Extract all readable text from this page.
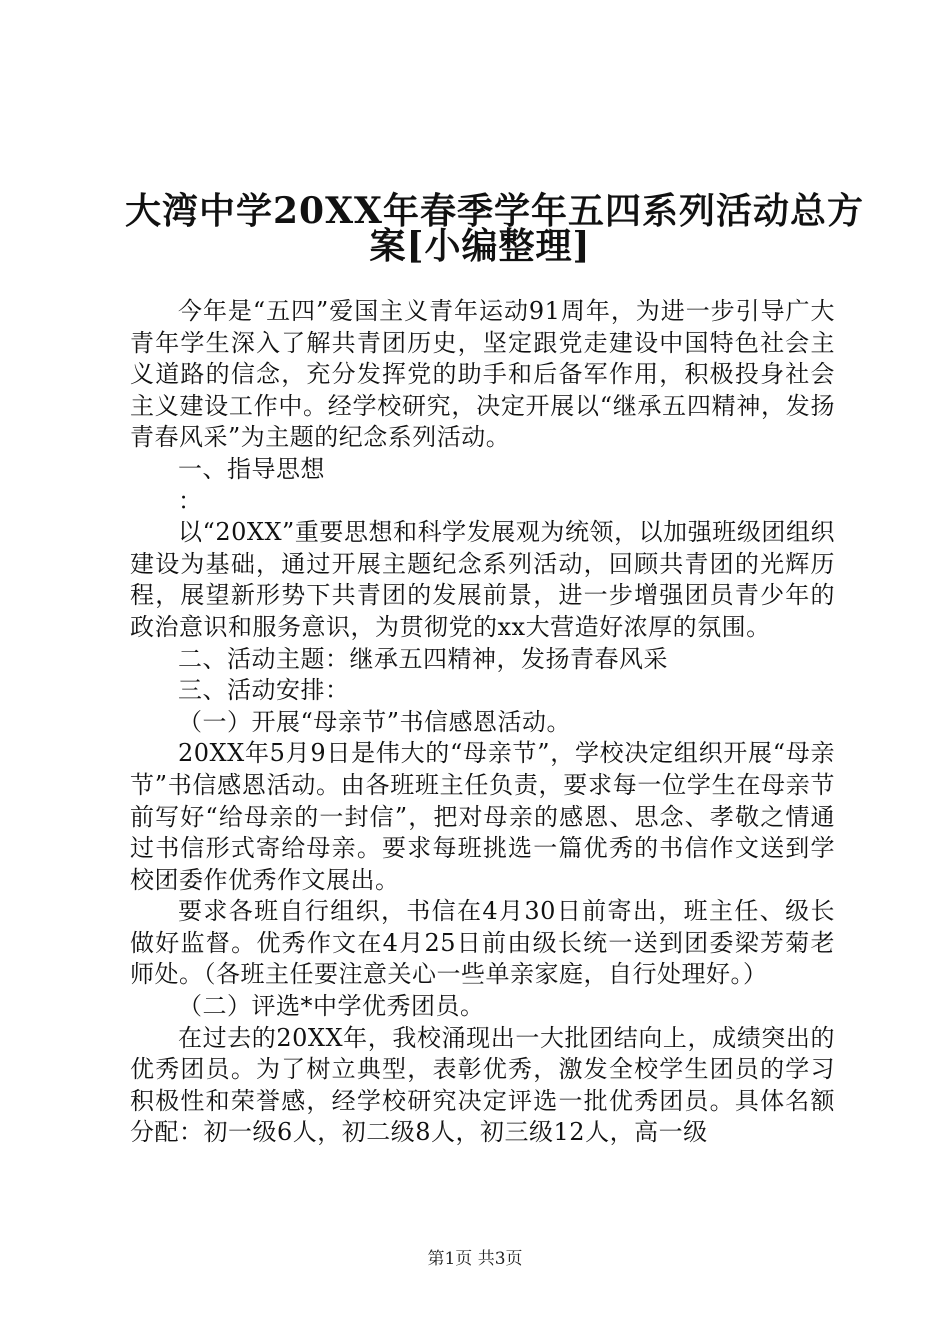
大湾中学20XX年春季学年五四系列活动总方
案[小编整理]

今年是“五四”爱国主义青年运动91周年，为进一步引导广大青年学生深入了解共青团历史，坚定跟党走建设中国特色社会主义道路的信念，充分发挥党的助手和后备军作用，积极投身社会主义建设工作中。经学校研究，决定开展以“继承五四精神，发扬青春风采”为主题的纪念系列活动。

一、指导思想

：

以“20XX”重要思想和科学发展观为统领，以加强班级团组织建设为基础，通过开展主题纪念系列活动，回顾共青团的光辉历程，展望新形势下共青团的发展前景，进一步增强团员青少年的政治意识和服务意识，为贯彻党的xx大营造好浓厚的氛围。

二、活动主题：继承五四精神，发扬青春风采

三、活动安排：

（一）开展“母亲节”书信感恩活动。

20XX年5月9日是伟大的“母亲节”，学校决定组织开展“母亲节”书信感恩活动。由各班班主任负责，要求每一位学生在母亲节前写好“给母亲的一封信”，把对母亲的感恩、思念、孝敬之情通过书信形式寄给母亲。要求每班挑选一篇优秀的书信作文送到学校团委作优秀作文展出。

要求各班自行组织，书信在4月30日前寄出，班主任、级长做好监督。优秀作文在4月25日前由级长统一送到团委梁芳菊老师处。（各班主任要注意关心一些单亲家庭，自行处理好。）

（二）评选*中学优秀团员。

在过去的20XX年，我校涌现出一大批团结向上，成绩突出的优秀团员。为了树立典型，表彰优秀，激发全校学生团员的学习积极性和荣誉感，经学校研究决定评选一批优秀团员。具体名额分配：初一级6人，初二级8人，初三级12人，高一级

第1页 共3页
